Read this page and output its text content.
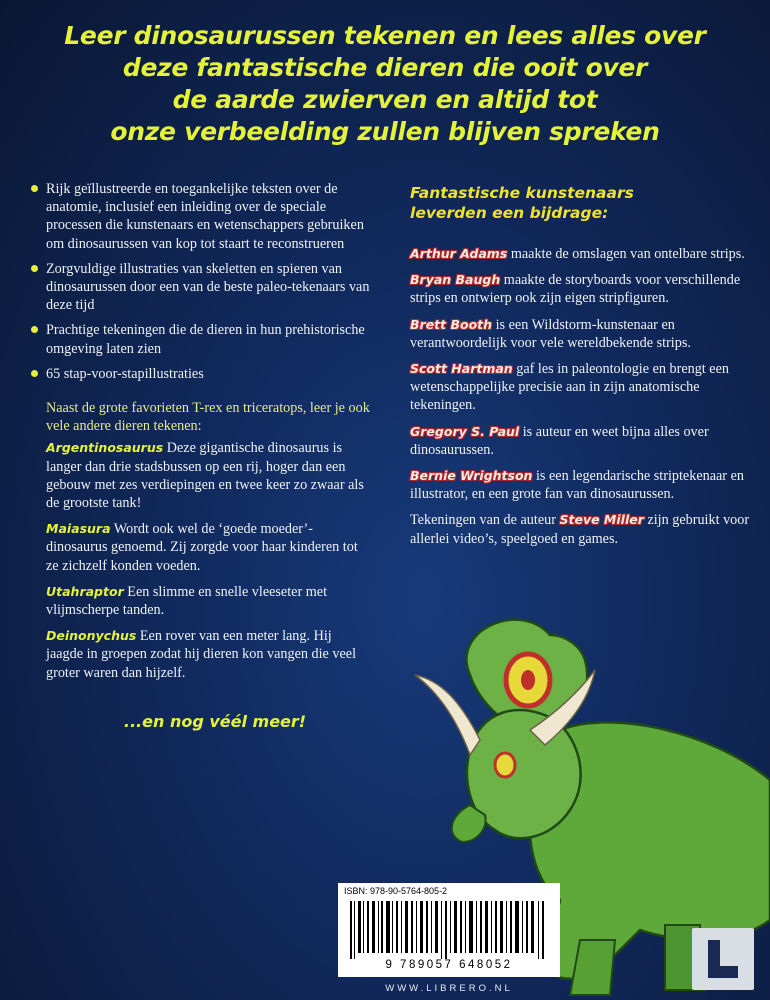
Leer dinosaurussen tekenen en lees alles over
deze fantastische dieren die ooit over
de aarde zwierven en altijd tot
onze verbeelding zullen blijven spreken
Rijk geïllustreerde en toegankelijke teksten over de anatomie, inclusief een inleiding over de speciale processen die kunstenaars en wetenschappers gebruiken om dinosaurussen van kop tot staart te reconstrueren
Zorgvuldige illustraties van skeletten en spieren van dinosaurussen door een van de beste paleo-tekenaars van deze tijd
Prachtige tekeningen die de dieren in hun prehistorische omgeving laten zien
65 stap-voor-stapillustraties

Naast de grote favorieten T-rex en triceratops, leer je ook vele andere dieren tekenen:

Argentinosaurus Deze gigantische dinosaurus is langer dan drie stadsbussen op een rij, hoger dan een gebouw met zes verdiepingen en twee keer zo zwaar als de grootste tank!

Maiasura Wordt ook wel de ‘goede moeder’-dinosaurus genoemd. Zij zorgde voor haar kinderen tot ze zichzelf konden voeden.

Utahraptor Een slimme en snelle vleeseter met vlijmscherpe tanden.

Deinonychus Een rover van een meter lang. Hij jaagde in groepen zodat hij dieren kon vangen die veel groter waren dan hijzelf.

...en nog véél meer!
Fantastische kunstenaars
leverden een bijdrage:

Arthur Adams maakte de omslagen van ontelbare strips.

Bryan Baugh maakte de storyboards voor verschillende strips en ontwierp ook zijn eigen stripfiguren.

Brett Booth is een Wildstorm-kunstenaar en verantwoordelijk voor vele wereldbekende strips.

Scott Hartman gaf les in paleontologie en brengt een wetenschappelijke precisie aan in zijn anatomische tekeningen.

Gregory S. Paul is auteur en weet bijna alles over dinosaurussen.

Bernie Wrightson is een legendarische striptekenaar en illustrator, en een grote fan van dinosaurussen.

Tekeningen van de auteur Steve Miller zijn gebruikt voor allerlei video’s, speelgoed en games.

ISBN: 978-90-5764-805-2
9 789057 648052
WWW.LIBRERO.NL
